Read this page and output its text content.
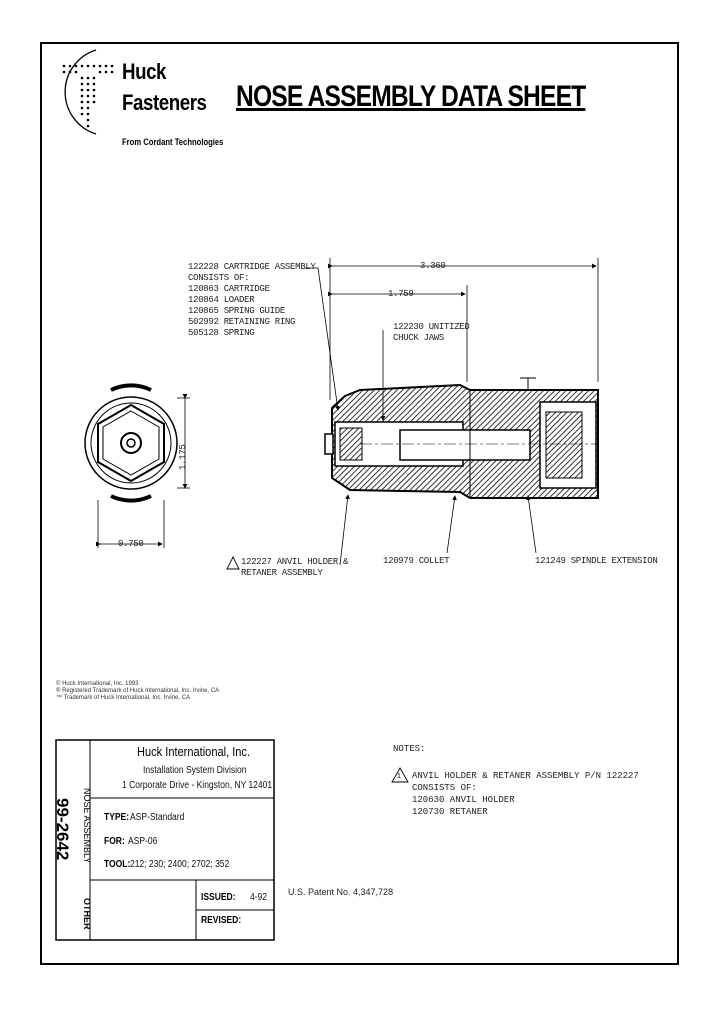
Huck
Fasteners
From Cordant Technologies
NOSE ASSEMBLY DATA SHEET
3.360
1.759
1.175
0.750
122228 CARTRIDGE ASSEMBLY
CONSISTS OF:
120863 CARTRIDGE
120864 LOADER
120865 SPRING GUIDE
502992 RETAINING RING
505128 SPRING
122230 UNITIZED
CHUCK JAWS
122227 ANVIL HOLDER &
RETANER ASSEMBLY
120979 COLLET	121249 SPINDLE EXTENSION
© Huck International, Inc. 1993
® Registered Trademark of Huck International, Inc. Irvine, CA
™ Trademark of Huck International, Inc. Irvine, CA
99-2642 NOSE ASSEMBLY
OTHER
Huck International, Inc.
Installation System Division
1 Corporate Drive - Kingston, NY 12401
TYPE: ASP-Standard
FOR: ASP-06
TOOL: 212; 230; 2400; 2702; 352
ISSUED: 4-92
REVISED:
NOTES:
1 ANVIL HOLDER & RETANER ASSEMBLY P/N 122227
CONSISTS OF:
120630 ANVIL HOLDER
120730 RETANER
U.S. Patent No. 4,347,728
